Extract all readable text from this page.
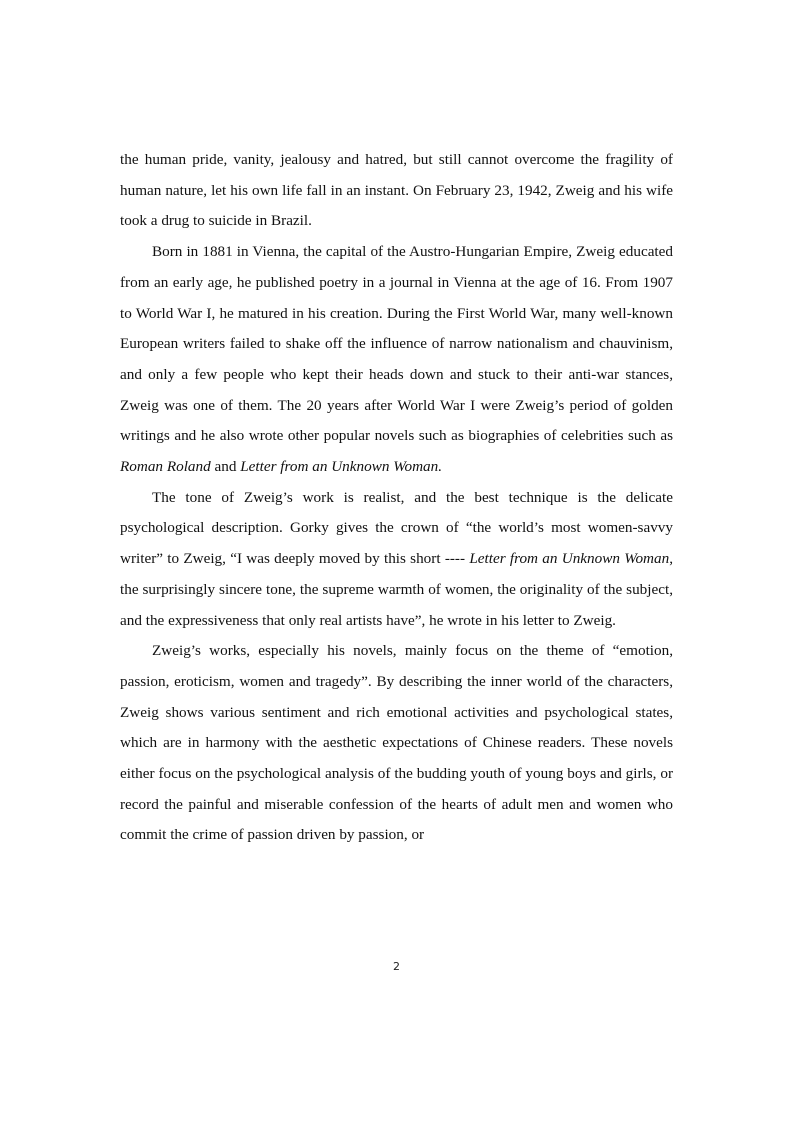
the human pride, vanity, jealousy and hatred, but still cannot overcome the fragility of human nature, let his own life fall in an instant. On February 23, 1942, Zweig and his wife took a drug to suicide in Brazil.

Born in 1881 in Vienna, the capital of the Austro-Hungarian Empire, Zweig educated from an early age, he published poetry in a journal in Vienna at the age of 16. From 1907 to World War I, he matured in his creation. During the First World War, many well-known European writers failed to shake off the influence of narrow nationalism and chauvinism, and only a few people who kept their heads down and stuck to their anti-war stances, Zweig was one of them. The 20 years after World War I were Zweig’s period of golden writings and he also wrote other popular novels such as biographies of celebrities such as Roman Roland and Letter from an Unknown Woman.

The tone of Zweig’s work is realist, and the best technique is the delicate psychological description. Gorky gives the crown of “the world’s most women-savvy writer” to Zweig, “I was deeply moved by this short ---- Letter from an Unknown Woman, the surprisingly sincere tone, the supreme warmth of women, the originality of the subject, and the expressiveness that only real artists have”, he wrote in his letter to Zweig.

Zweig’s works, especially his novels, mainly focus on the theme of “emotion, passion, eroticism, women and tragedy”. By describing the inner world of the characters, Zweig shows various sentiment and rich emotional activities and psychological states, which are in harmony with the aesthetic expectations of Chinese readers. These novels either focus on the psychological analysis of the budding youth of young boys and girls, or record the painful and miserable confession of the hearts of adult men and women who commit the crime of passion driven by passion, or

2
